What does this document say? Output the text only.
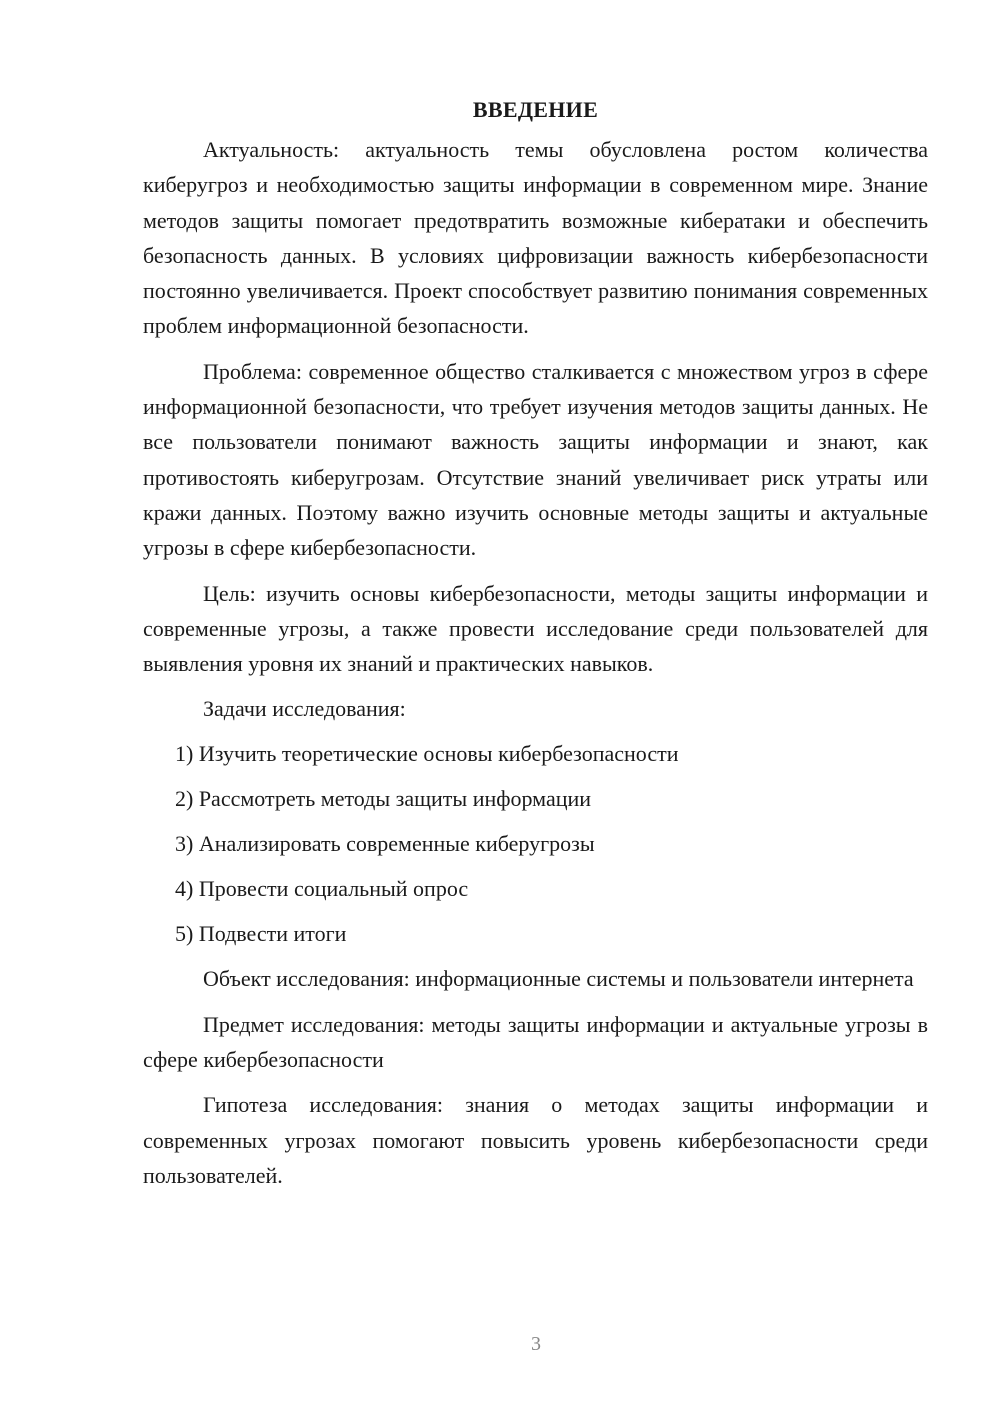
ВВЕДЕНИЕ

Актуальность: актуальность темы обусловлена ростом количества киберугроз и необходимостью защиты информации в современном мире. Знание методов защиты помогает предотвратить возможные кибератаки и обеспечить безопасность данных. В условиях цифровизации важность кибербезопасности постоянно увеличивается. Проект способствует развитию понимания современных проблем информационной безопасности.

Проблема: современное общество сталкивается с множеством угроз в сфере информационной безопасности, что требует изучения методов защиты данных. Не все пользователи понимают важность защиты информации и знают, как противостоять киберугрозам. Отсутствие знаний увеличивает риск утраты или кражи данных. Поэтому важно изучить основные методы защиты и актуальные угрозы в сфере кибербезопасности.

Цель: изучить основы кибербезопасности, методы защиты информации и современные угрозы, а также провести исследование среди пользователей для выявления уровня их знаний и практических навыков.

Задачи исследования:

1) Изучить теоретические основы кибербезопасности
2) Рассмотреть методы защиты информации
3) Анализировать современные киберугрозы
4) Провести социальный опрос
5) Подвести итоги

Объект исследования: информационные системы и пользователи интернета

Предмет исследования: методы защиты информации и актуальные угрозы в сфере кибербезопасности

Гипотеза исследования: знания о методах защиты информации и современных угрозах помогают повысить уровень кибербезопасности среди пользователей.

3
